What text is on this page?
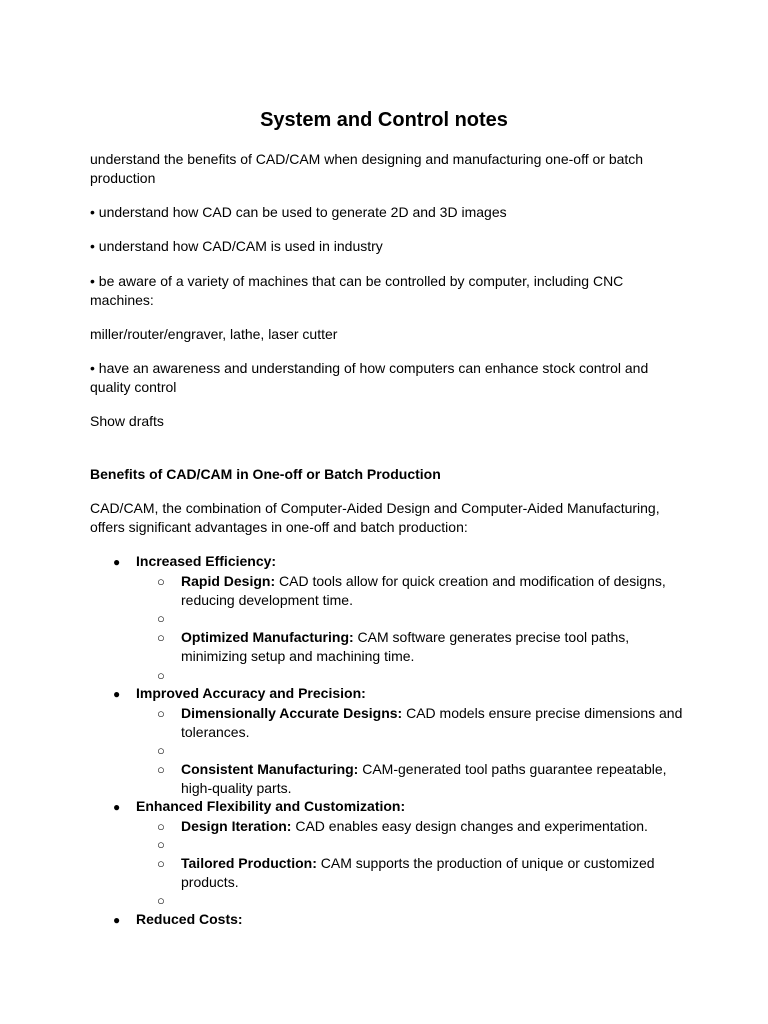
System and Control notes
understand the benefits of CAD/CAM when designing and manufacturing one-off or batch
production
• understand how CAD can be used to generate 2D and 3D images
• understand how CAD/CAM is used in industry
• be aware of a variety of machines that can be controlled by computer, including CNC
machines:
miller/router/engraver, lathe, laser cutter
• have an awareness and understanding of how computers can enhance stock control and
quality control
Show drafts
Benefits of CAD/CAM in One-off or Batch Production
CAD/CAM, the combination of Computer-Aided Design and Computer-Aided Manufacturing,
offers significant advantages in one-off and batch production:
● Increased Efficiency:
○ Rapid Design: CAD tools allow for quick creation and modification of designs,
reducing development time.
○
○ Optimized Manufacturing: CAM software generates precise tool paths,
minimizing setup and machining time.
○
● Improved Accuracy and Precision:
○ Dimensionally Accurate Designs: CAD models ensure precise dimensions and
tolerances.
○
○ Consistent Manufacturing: CAM-generated tool paths guarantee repeatable,
high-quality parts.
● Enhanced Flexibility and Customization:
○ Design Iteration: CAD enables easy design changes and experimentation.
○
○ Tailored Production: CAM supports the production of unique or customized
products.
○
● Reduced Costs:
